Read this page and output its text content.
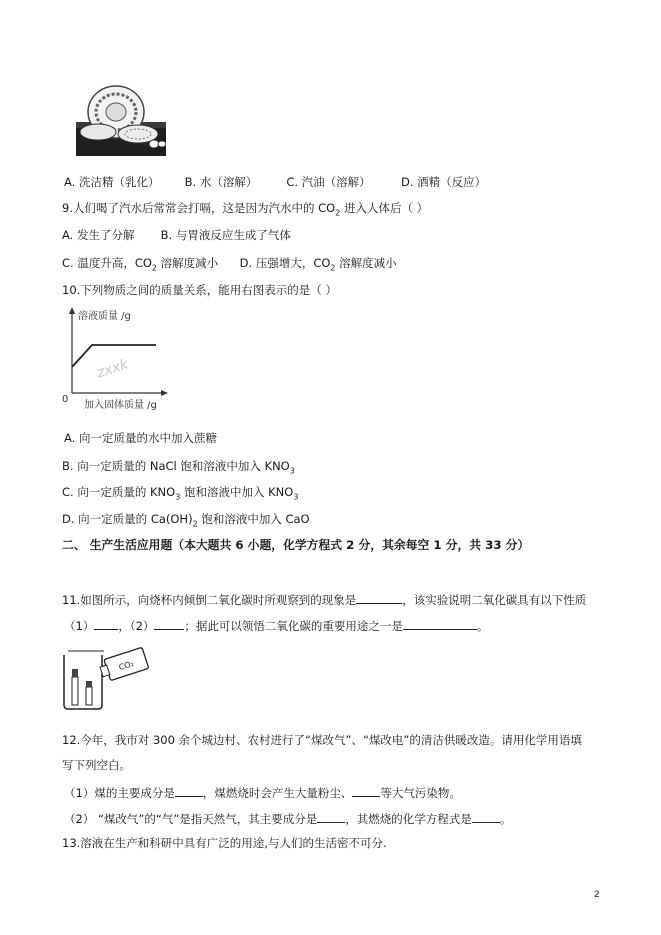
A. 洗洁精（乳化） B. 水（溶解）	C. 汽油（溶解）	D. 酒精（反应）
9.人们喝了汽水后常常会打嗝，这是因为汽水中的 $CO_2$ 进入人体后（ ）
A. 发生了分解 B. 与胃液反应生成了气体
C. 温度升高，$CO_2$ 溶解度减小 D. 压强增大，$CO_2$ 溶解度减小
10.下列物质之间的质量关系，能用右图表示的是（ ）
溶液质量 /g
0
加入固体质量 /g
zxxk
A. 向一定质量的水中加入蔗糖
B. 向一定质量的 NaCl 饱和溶液中加入 $KNO_3$
C. 向一定质量的 $KNO_3$ 饱和溶液中加入 $KNO_3$
D. 向一定质量的 $Ca(OH)_2$ 饱和溶液中加入 CaO
二、 生产生活应用题（本大题共 6 小题，化学方程式 2 分，其余每空 1 分，共 33 分）
11.如图所示，向烧杯内倾倒二氧化碳时所观察到的现象是	，该实验说明二氧化碳具有以下性质
（1） ，（2）	；据此可以领悟二氧化碳的重要用途之一是	。
CO₂
12.今年，我市对 300 余个城边村、农村进行了“煤改气”、“煤改电”的清洁供暖改造。请用化学用语填
写下列空白。
（1）煤的主要成分是 ，煤燃烧时会产生大量粉尘、 等大气污染物。
（2） “煤改气”的“气”是指天然气，其主要成分是 ，其燃烧的化学方程式是 。
13.溶液在生产和科研中具有广泛的用途,与人们的生活密不可分.
2
